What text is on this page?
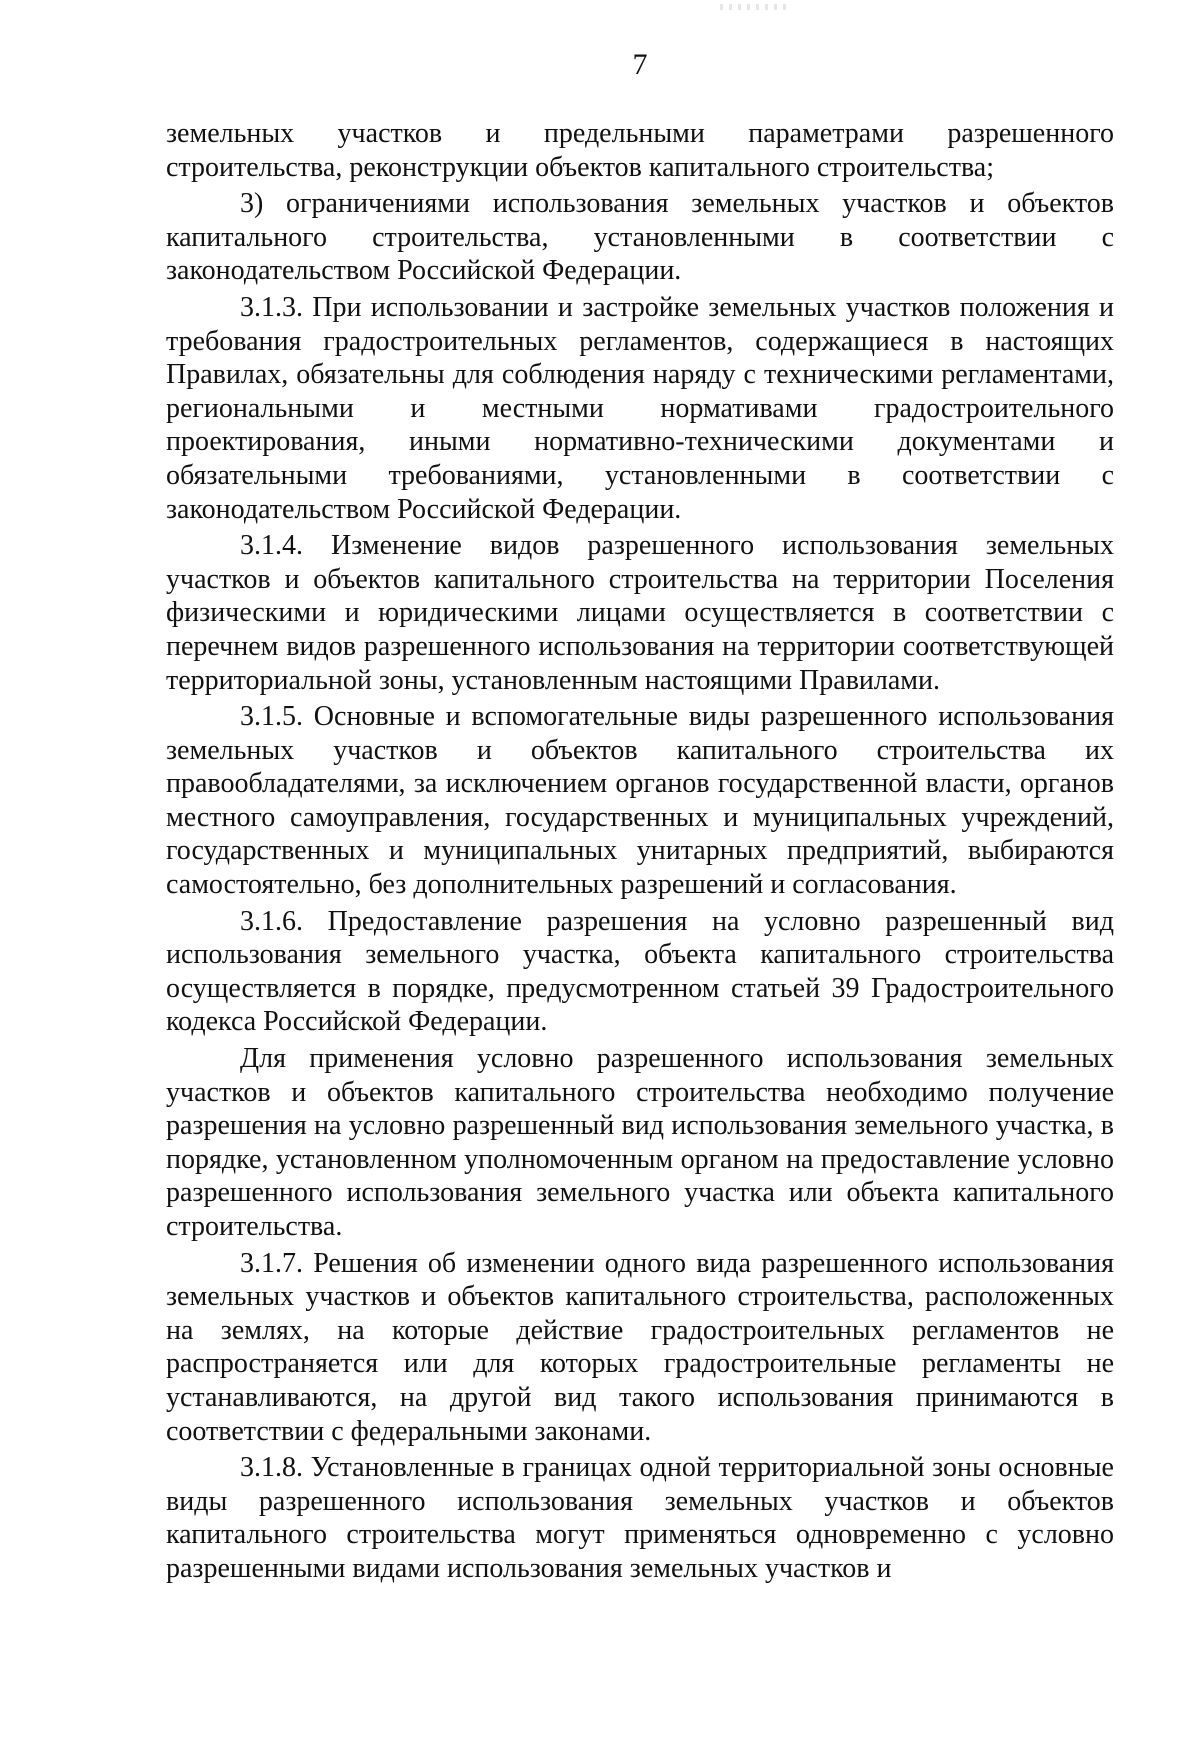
7

земельных участков и предельными параметрами разрешенного строительства, реконструкции объектов капитального строительства;

3) ограничениями использования земельных участков и объектов капитального строительства, установленными в соответствии с законодательством Российской Федерации.

3.1.3. При использовании и застройке земельных участков положения и требования градостроительных регламентов, содержащиеся в настоящих Правилах, обязательны для соблюдения наряду с техническими регламентами, региональными и местными нормативами градостроительного проектирования, иными нормативно-техническими документами и обязательными требованиями, установленными в соответствии с законодательством Российской Федерации.

3.1.4. Изменение видов разрешенного использования земельных участков и объектов капитального строительства на территории Поселения физическими и юридическими лицами осуществляется в соответствии с перечнем видов разрешенного использования на территории соответствующей территориальной зоны, установленным настоящими Правилами.

3.1.5. Основные и вспомогательные виды разрешенного использования земельных участков и объектов капитального строительства их правообладателями, за исключением органов государственной власти, органов местного самоуправления, государственных и муниципальных учреждений, государственных и муниципальных унитарных предприятий, выбираются самостоятельно, без дополнительных разрешений и согласования.

3.1.6. Предоставление разрешения на условно разрешенный вид использования земельного участка, объекта капитального строительства осуществляется в порядке, предусмотренном статьей 39 Градостроительного кодекса Российской Федерации.

Для применения условно разрешенного использования земельных участков и объектов капитального строительства необходимо получение разрешения на условно разрешенный вид использования земельного участка, в порядке, установленном уполномоченным органом на предоставление условно разрешенного использования земельного участка или объекта капитального строительства.

3.1.7. Решения об изменении одного вида разрешенного использования земельных участков и объектов капитального строительства, расположенных на землях, на которые действие градостроительных регламентов не распространяется или для которых градостроительные регламенты не устанавливаются, на другой вид такого использования принимаются в соответствии с федеральными законами.

3.1.8. Установленные в границах одной территориальной зоны основные виды разрешенного использования земельных участков и объектов капитального строительства могут применяться одновременно с условно разрешенными видами использования земельных участков и
